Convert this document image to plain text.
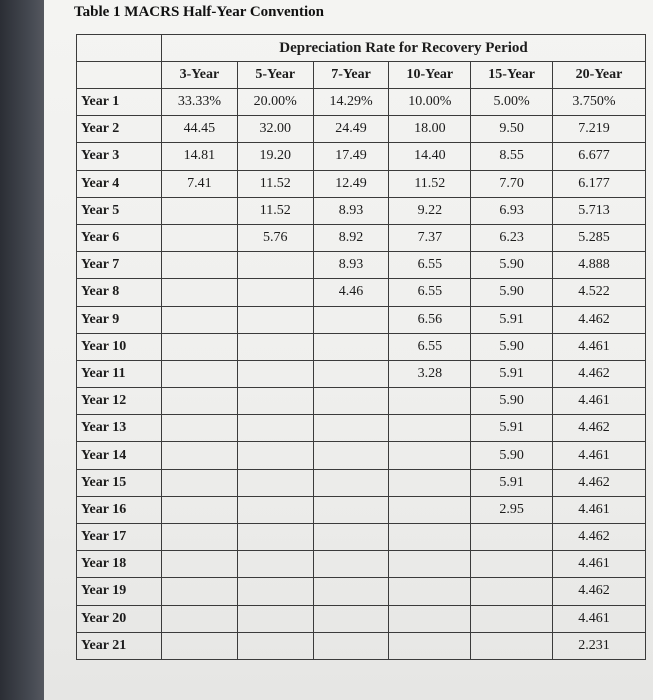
Table 1 MACRS Half-Year Convention
	Depreciation Rate for Recovery Period					
	3-Year	5-Year	7-Year	10-Year	15-Year	20-Year
Year 1	33.33%	20.00%	14.29%	10.00%	5.00%	3.750%
Year 2	44.45	32.00	24.49	18.00	9.50	7.219
Year 3	14.81	19.20	17.49	14.40	8.55	6.677
Year 4	7.41	11.52	12.49	11.52	7.70	6.177
Year 5		11.52	8.93	9.22	6.93	5.713
Year 6		5.76	8.92	7.37	6.23	5.285
Year 7			8.93	6.55	5.90	4.888
Year 8			4.46	6.55	5.90	4.522
Year 9				6.56	5.91	4.462
Year 10				6.55	5.90	4.461
Year 11				3.28	5.91	4.462
Year 12					5.90	4.461
Year 13					5.91	4.462
Year 14					5.90	4.461
Year 15					5.91	4.462
Year 16					2.95	4.461
Year 17						4.462
Year 18						4.461
Year 19						4.462
Year 20						4.461
Year 21						2.231
